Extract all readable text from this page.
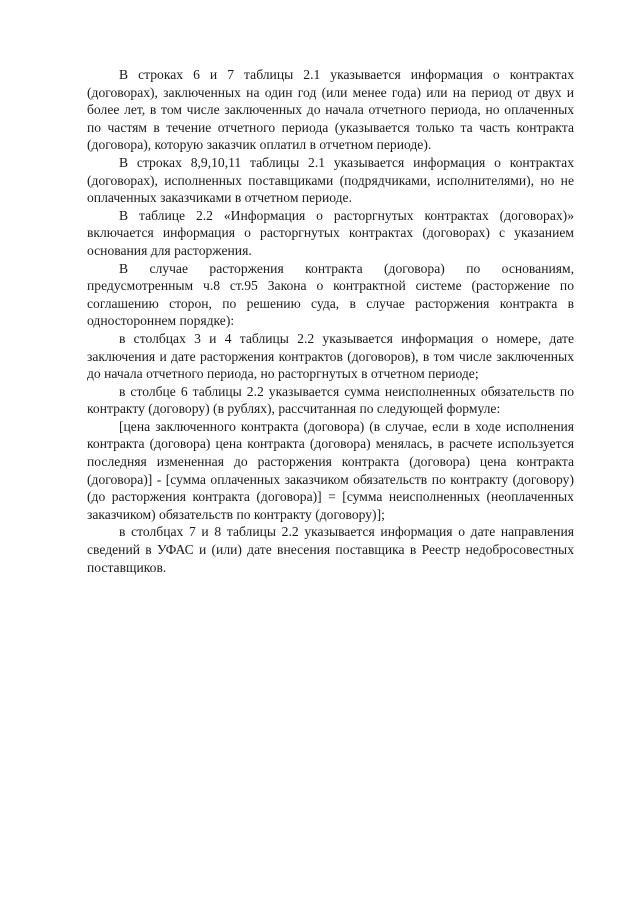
В строках 6 и 7 таблицы 2.1 указывается информация о контрактах (договорах), заключенных на один год (или менее года) или на период от двух и более лет, в том числе заключенных до начала отчетного периода, но оплаченных по частям в течение отчетного периода (указывается только та часть контракта (договора), которую заказчик оплатил в отчетном периоде).

В строках 8,9,10,11 таблицы 2.1 указывается информация о контрактах (договорах), исполненных поставщиками (подрядчиками, исполнителями), но не оплаченных заказчиками в отчетном периоде.

В таблице 2.2 «Информация о расторгнутых контрактах (договорах)» включается информация о расторгнутых контрактах (договорах) с указанием основания для расторжения.

В случае расторжения контракта (договора) по основаниям, предусмотренным ч.8 ст.95 Закона о контрактной системе (расторжение по соглашению сторон, по решению суда, в случае расторжения контракта в одностороннем порядке):

в столбцах 3 и 4 таблицы 2.2 указывается информация о номере, дате заключения и дате расторжения контрактов (договоров), в том числе заключенных до начала отчетного периода, но расторгнутых в отчетном периоде;

в столбце 6 таблицы 2.2 указывается сумма неисполненных обязательств по контракту (договору) (в рублях), рассчитанная по следующей формуле:

[цена заключенного контракта (договора) (в случае, если в ходе исполнения контракта (договора) цена контракта (договора) менялась, в расчете используется последняя измененная до расторжения контракта (договора) цена контракта (договора)] - [сумма оплаченных заказчиком обязательств по контракту (договору) (до расторжения контракта (договора)] = [сумма неисполненных (неоплаченных заказчиком) обязательств по контракту (договору)];

в столбцах 7 и 8 таблицы 2.2 указывается информация о дате направления сведений в УФАС и (или) дате внесения поставщика в Реестр недобросовестных поставщиков.
